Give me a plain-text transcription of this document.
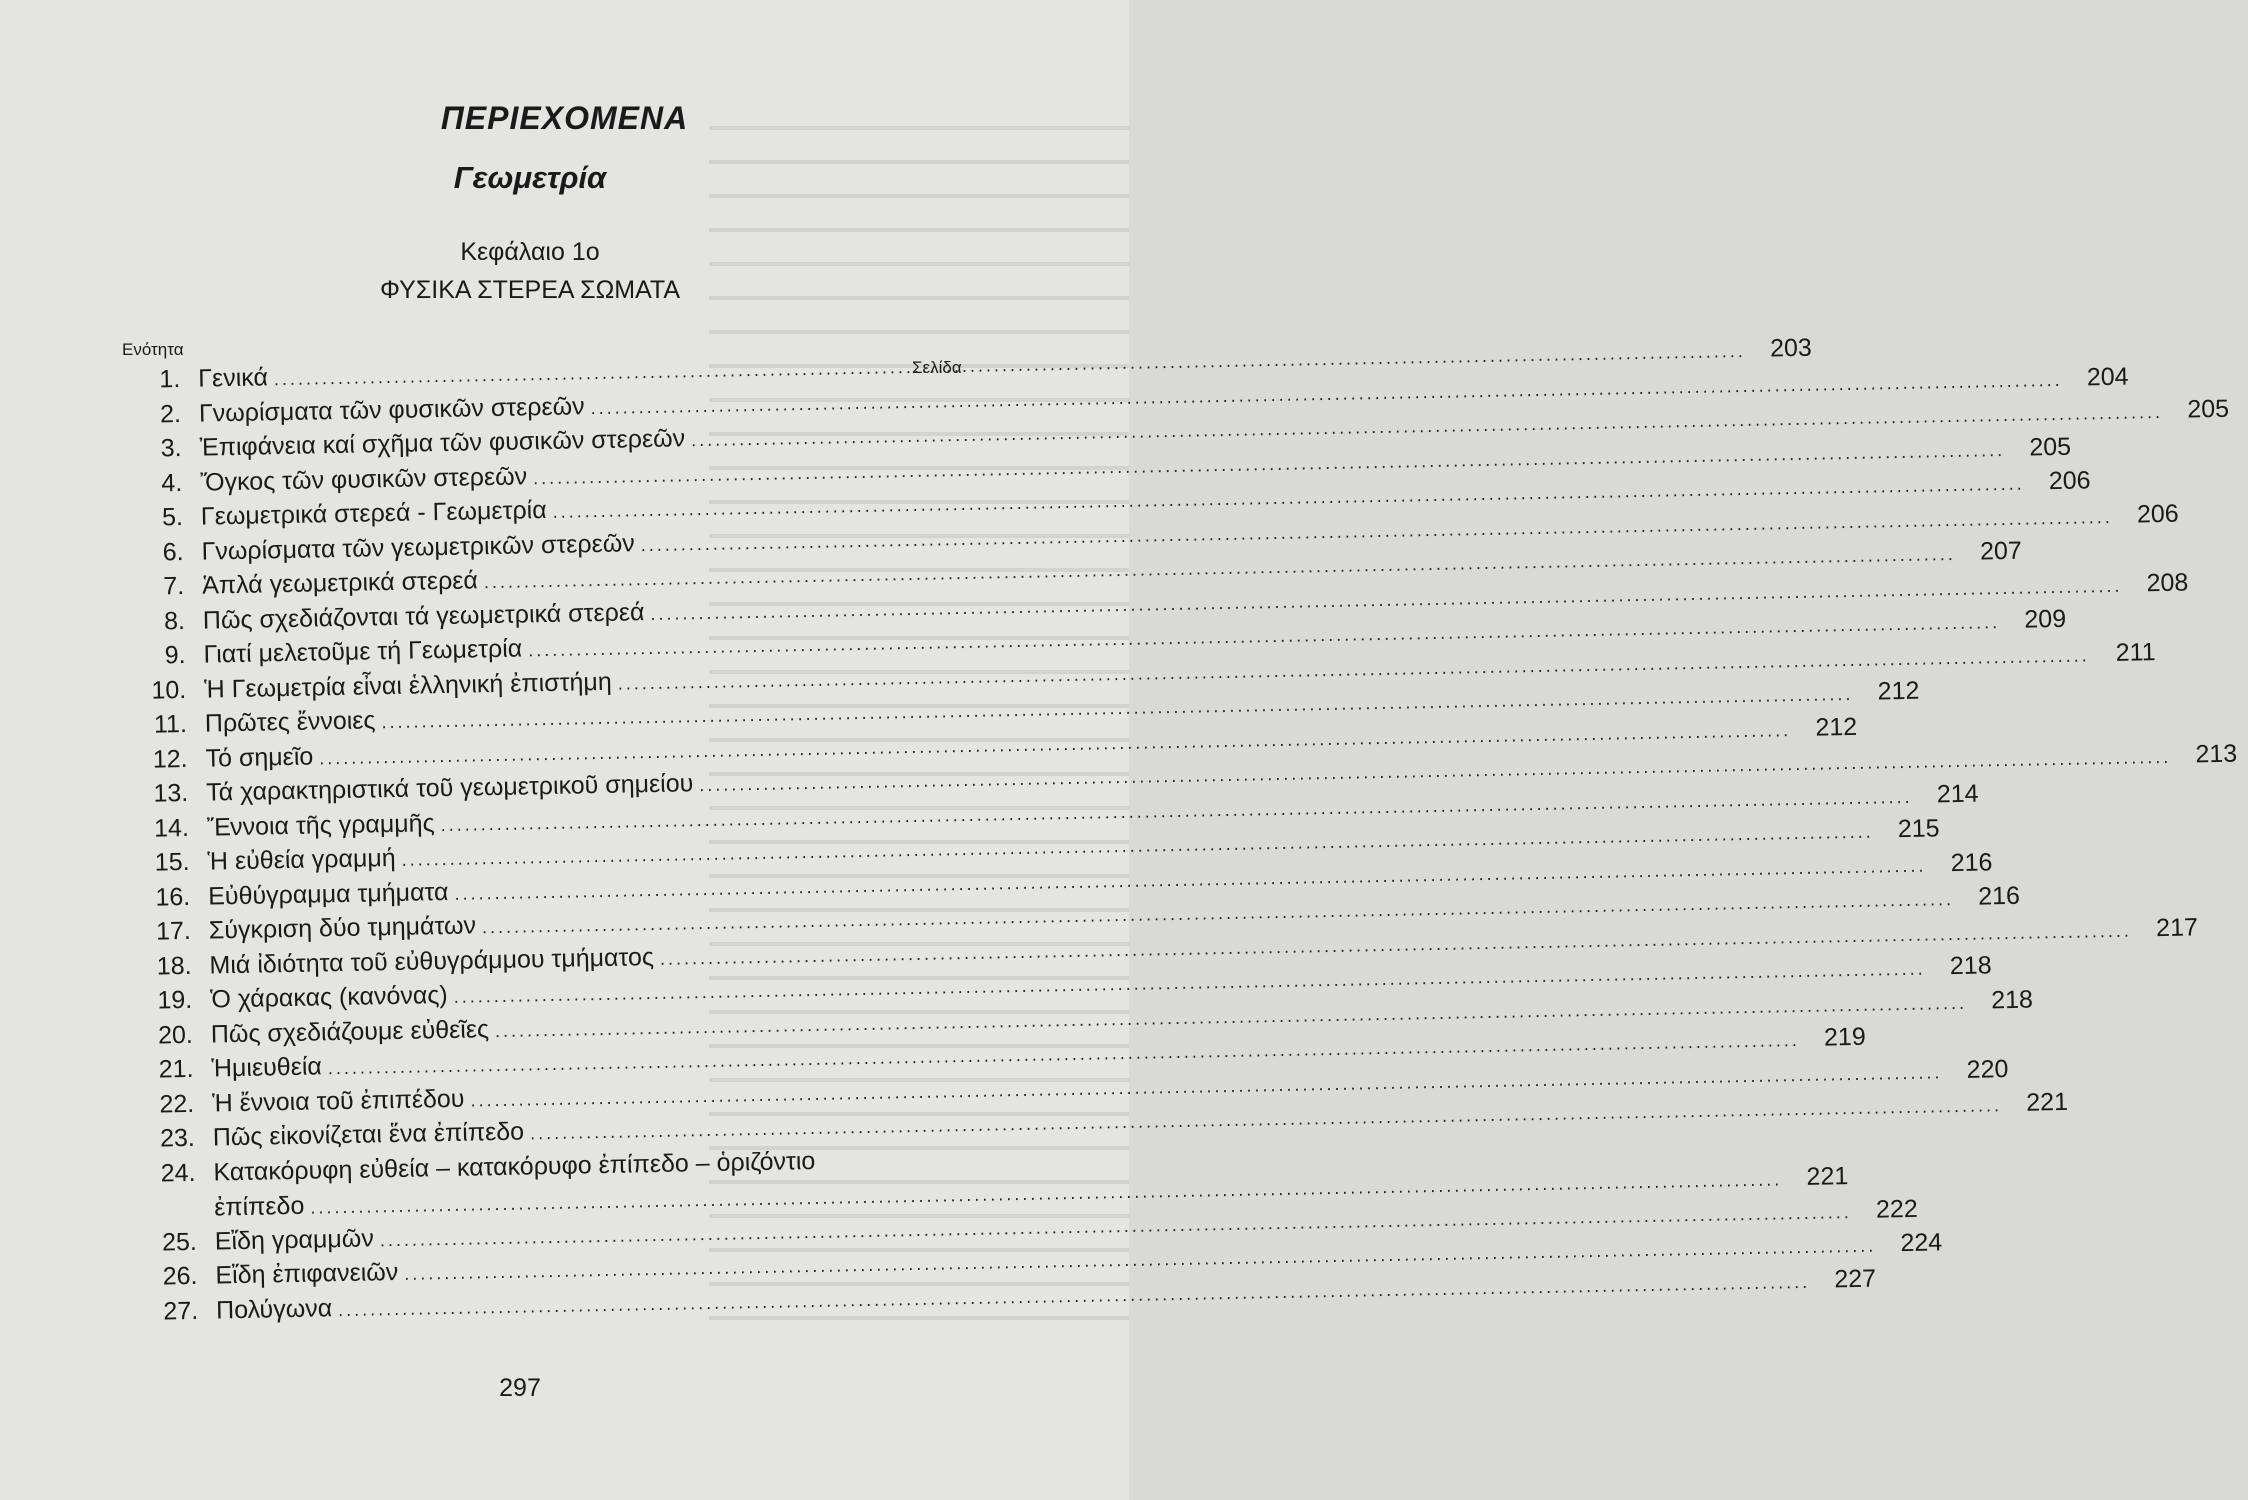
ΠΕΡΙΕΧΟΜΕΝΑ
Γεωμετρία
Κεφάλαιο 1ο
ΦΥΣΙΚΑ ΣΤΕΡΕΑ ΣΩΜΑΤΑ
Ενότητα
Σελίδα
1. Γενικά
.....
203
2. Γνωρίσματα τῶν φυσικῶν στερεῶν
.....
204
3. Ἐπιφάνεια καί σχῆμα τῶν φυσικῶν στερεῶν
.....
205
4. Ὄγκος τῶν φυσικῶν στερεῶν
.....
205
5. Γεωμετρικά στερεά - Γεωμετρία
.....
206
6. Γνωρίσματα τῶν γεωμετρικῶν στερεῶν
.....
206
7. Ἁπλά γεωμετρικά στερεά
.....
207
8. Πῶς σχεδιάζονται τά γεωμετρικά στερεά
.....
208
9. Γιατί μελετοῦμε τή Γεωμετρία
.....
209
10. Ἡ Γεωμετρία εἶναι ἑλληνική ἐπιστήμη
.....
211
11. Πρῶτες ἔννοιες
.....
212
12. Τό σημεῖο
.....
212
13. Τά χαρακτηριστικά τοῦ γεωμετρικοῦ σημείου
.....
213
14. Ἔννοια τῆς γραμμῆς
.....
214
15. Ἡ εὐθεία γραμμή
.....
215
16. Εὐθύγραμμα τμήματα
.....
216
17. Σύγκριση δύο τμημάτων
.....
216
18. Μιά ἰδιότητα τοῦ εὐθυγράμμου τμήματος
.....
217
19. Ὁ χάρακας (κανόνας)
.....
218
20. Πῶς σχεδιάζουμε εὐθεῖες
.....
218
21. Ἡμιευθεία
.....
219
22. Ἡ ἔννοια τοῦ ἐπιπέδου
.....
220
23. Πῶς εἰκονίζεται ἕνα ἐπίπεδο
.....
221
24. Κατακόρυφη εὐθεία – κατακόρυφο ἐπίπεδο – ὁριζόντιο
ἐπίπεδο
.....
221
25. Εἴδη γραμμῶν
.....
222
26. Εἴδη ἐπιφανειῶν
.....
224
27. Πολύγωνα
.....
227
297
